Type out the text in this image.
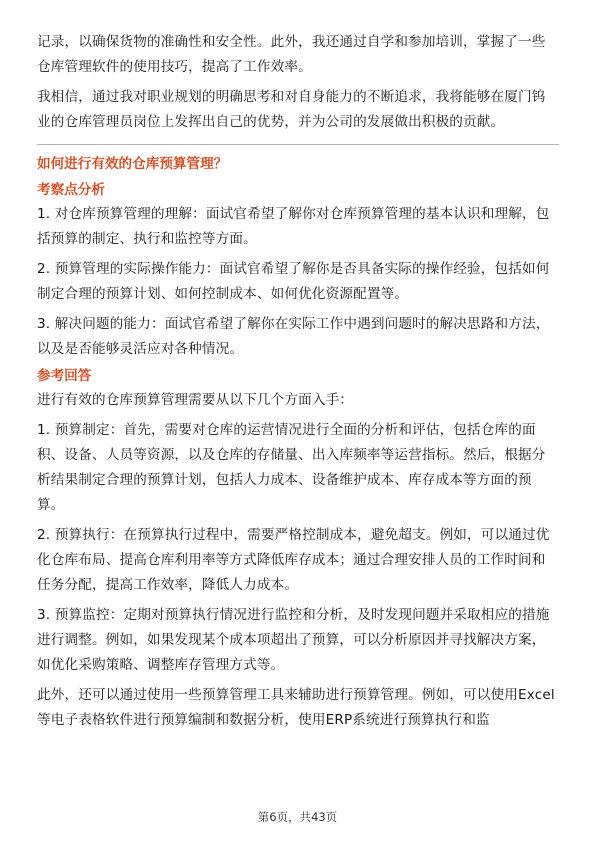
记录，以确保货物的准确性和安全性。此外，我还通过自学和参加培训，掌握了一些仓库管理软件的使用技巧，提高了工作效率。

我相信，通过我对职业规划的明确思考和对自身能力的不断追求，我将能够在厦门钨业的仓库管理员岗位上发挥出自己的优势，并为公司的发展做出积极的贡献。

如何进行有效的仓库预算管理？
考察点分析

1. 对仓库预算管理的理解：面试官希望了解你对仓库预算管理的基本认识和理解，包括预算的制定、执行和监控等方面。

2. 预算管理的实际操作能力：面试官希望了解你是否具备实际的操作经验，包括如何制定合理的预算计划、如何控制成本、如何优化资源配置等。

3. 解决问题的能力：面试官希望了解你在实际工作中遇到问题时的解决思路和方法，以及是否能够灵活应对各种情况。

参考回答

进行有效的仓库预算管理需要从以下几个方面入手：

1. 预算制定：首先，需要对仓库的运营情况进行全面的分析和评估，包括仓库的面积、设备、人员等资源，以及仓库的存储量、出入库频率等运营指标。然后，根据分析结果制定合理的预算计划，包括人力成本、设备维护成本、库存成本等方面的预算。

2. 预算执行：在预算执行过程中，需要严格控制成本，避免超支。例如，可以通过优化仓库布局、提高仓库利用率等方式降低库存成本；通过合理安排人员的工作时间和任务分配，提高工作效率，降低人力成本。

3. 预算监控：定期对预算执行情况进行监控和分析，及时发现问题并采取相应的措施进行调整。例如，如果发现某个成本项超出了预算，可以分析原因并寻找解决方案，如优化采购策略、调整库存管理方式等。

此外，还可以通过使用一些预算管理工具来辅助进行预算管理。例如，可以使用Excel等电子表格软件进行预算编制和数据分析，使用ERP系统进行预算执行和监

第6页，共43页
